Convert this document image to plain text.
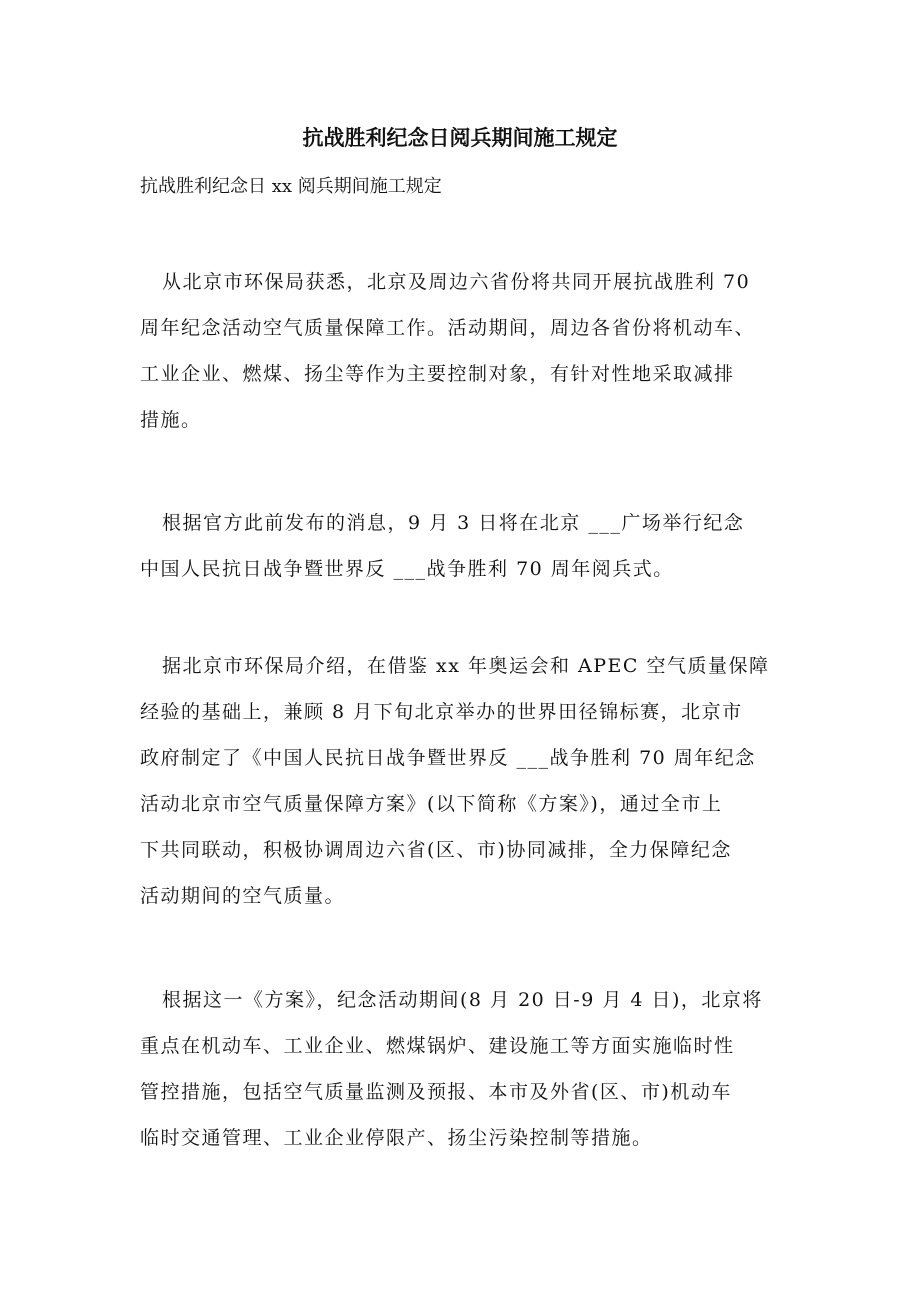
抗战胜利纪念日阅兵期间施工规定
抗战胜利纪念日 xx 阅兵期间施工规定
从北京市环保局获悉，北京及周边六省份将共同开展抗战胜利 70
周年纪念活动空气质量保障工作。活动期间，周边各省份将机动车、
工业企业、燃煤、扬尘等作为主要控制对象，有针对性地采取减排
措施。
根据官方此前发布的消息，9 月 3 日将在北京 ___广场举行纪念
中国人民抗日战争暨世界反 ___战争胜利 70 周年阅兵式。
据北京市环保局介绍，在借鉴 xx 年奥运会和 APEC 空气质量保障
经验的基础上，兼顾 8 月下旬北京举办的世界田径锦标赛，北京市
政府制定了《中国人民抗日战争暨世界反 ___战争胜利 70 周年纪念
活动北京市空气质量保障方案》(以下简称《方案》)，通过全市上
下共同联动，积极协调周边六省(区、市)协同减排，全力保障纪念
活动期间的空气质量。
根据这一《方案》，纪念活动期间(8 月 20 日-9 月 4 日)，北京将
重点在机动车、工业企业、燃煤锅炉、建设施工等方面实施临时性
管控措施，包括空气质量监测及预报、本市及外省(区、市)机动车
临时交通管理、工业企业停限产、扬尘污染控制等措施。
